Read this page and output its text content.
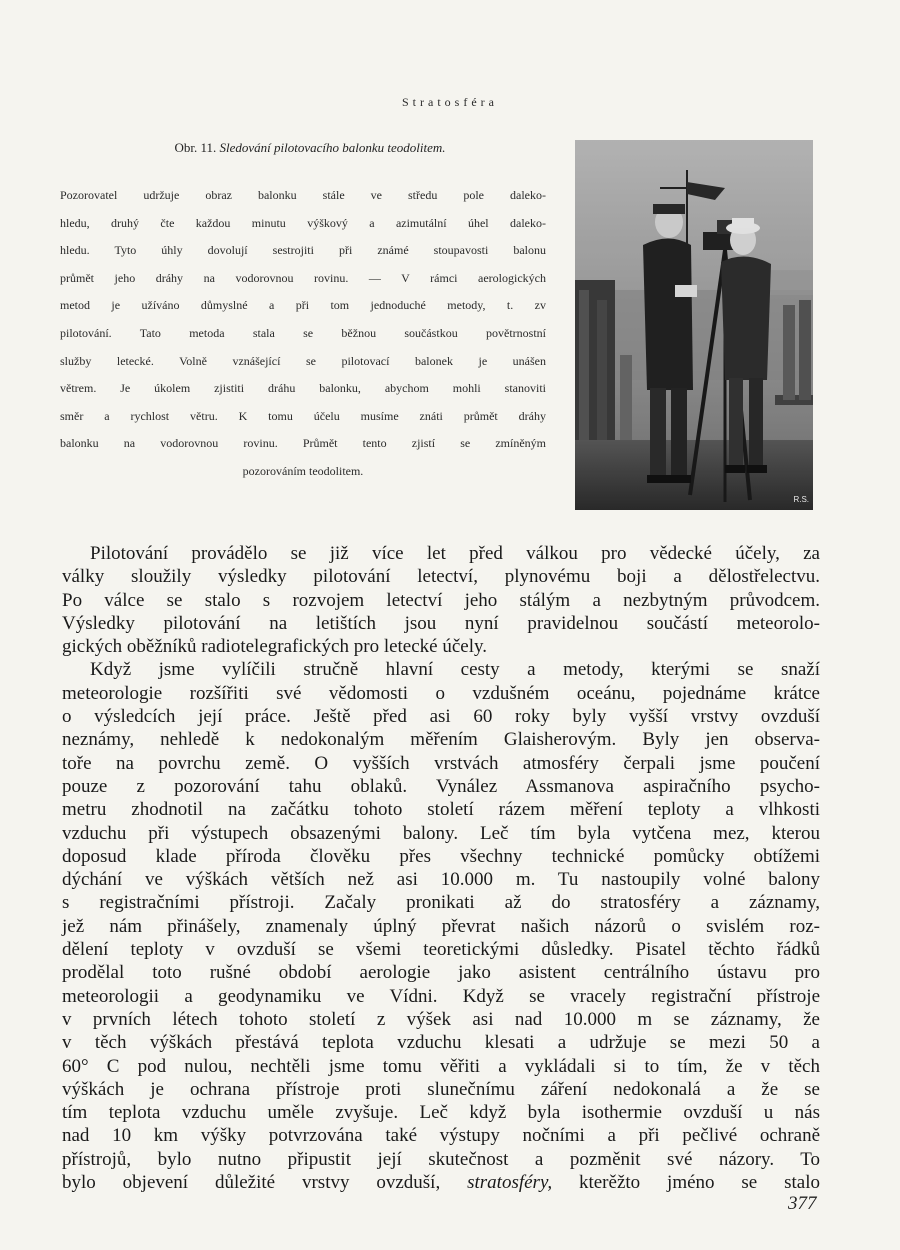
Stratosféra
Obr. 11. Sledování pilotovacího balonku teodolitem.
Pozorovatel udržuje obraz balonku stále ve středu pole daleko-
hledu, druhý čte každou minutu výškový a azimutální úhel daleko-
hledu. Tyto úhly dovolují sestrojiti při známé stoupavosti balonu
průmět jeho dráhy na vodorovnou rovinu. — V rámci aerologických
metod je užíváno důmyslné a při tom jednoduché metody, t. zv
pilotování. Tato metoda stala se běžnou součástkou povětrnostní
služby letecké. Volně vznášející se pilotovací balonek je unášen
větrem. Je úkolem zjistiti dráhu balonku, abychom mohli stanoviti
směr a rychlost větru. K tomu účelu musíme znáti průmět dráhy
balonku na vodorovnou rovinu. Průmět tento zjistí se zmíněným
pozorováním teodolitem.
R.S.
Pilotování provádělo se již více let před válkou pro vědecké účely, za
války sloužily výsledky pilotování letectví, plynovému boji a dělostřelectvu.
Po válce se stalo s rozvojem letectví jeho stálým a nezbytným průvodcem.
Výsledky pilotování na letištích jsou nyní pravidelnou součástí meteorolo-
gických oběžníků radiotelegrafických pro letecké účely.
Když jsme vylíčili stručně hlavní cesty a metody, kterými se snaží
meteorologie rozšířiti své vědomosti o vzdušném oceánu, pojednáme krátce
o výsledcích její práce. Ještě před asi 60 roky byly vyšší vrstvy ovzduší
neznámy, nehledě k nedokonalým měřením Glaisherovým. Byly jen observa-
toře na povrchu země. O vyšších vrstvách atmosféry čerpali jsme poučení
pouze z pozorování tahu oblaků. Vynález Assmanova aspiračního psycho-
metru zhodnotil na začátku tohoto století rázem měření teploty a vlhkosti
vzduchu při výstupech obsazenými balony. Leč tím byla vytčena mez, kterou
doposud klade příroda člověku přes všechny technické pomůcky obtížemi
dýchání ve výškách větších než asi 10.000 m. Tu nastoupily volné balony
s registračními přístroji. Začaly pronikati až do stratosféry a záznamy,
jež nám přinášely, znamenaly úplný převrat našich názorů o svislém roz-
dělení teploty v ovzduší se všemi teoretickými důsledky. Pisatel těchto řádků
prodělal toto rušné období aerologie jako asistent centrálního ústavu pro
meteorologii a geodynamiku ve Vídni. Když se vracely registrační přístroje
v prvních létech tohoto století z výšek asi nad 10.000 m se záznamy, že
v těch výškách přestává teplota vzduchu klesati a udržuje se mezi 50 a
60° C pod nulou, nechtěli jsme tomu věřiti a vykládali si to tím, že v těch
výškách je ochrana přístroje proti slunečnímu záření nedokonalá a že se
tím teplota vzduchu uměle zvyšuje. Leč když byla isothermie ovzduší u nás
nad 10 km výšky potvrzována také výstupy nočními a při pečlivé ochraně
přístrojů, bylo nutno připustit její skutečnost a pozměnit své názory. To
bylo objevení důležité vrstvy ovzduší, stratosféry, kterěžto jméno se stalo
377
